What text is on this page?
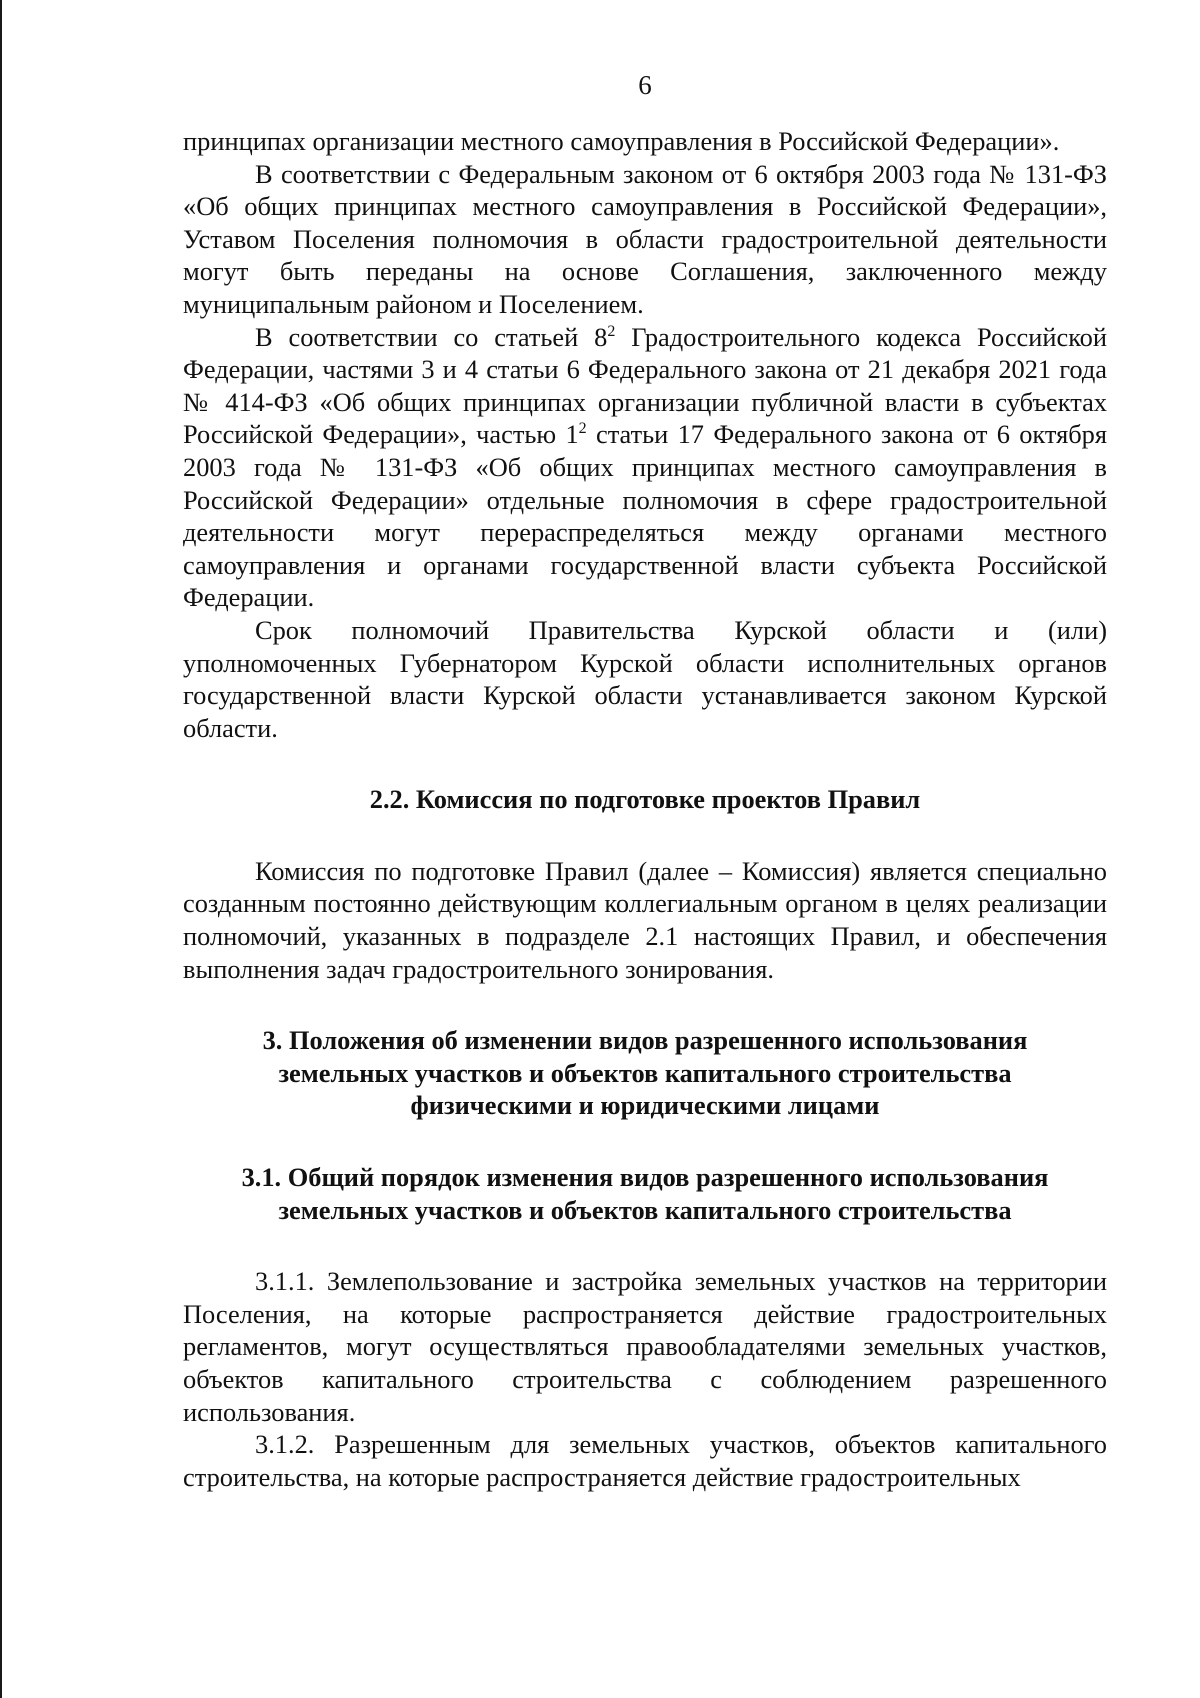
6

принципах организации местного самоуправления в Российской Федерации».

В соответствии с Федеральным законом от 6 октября 2003 года № 131-ФЗ «Об общих принципах местного самоуправления в Российской Федерации», Уставом Поселения полномочия в области градостроительной деятельности могут быть переданы на основе Соглашения, заключенного между муниципальным районом и Поселением.

В соответствии со статьей $8^2$ Градостроительного кодекса Российской Федерации, частями 3 и 4 статьи 6 Федерального закона от 21 декабря 2021 года № 414-ФЗ «Об общих принципах организации публичной власти в субъектах Российской Федерации», частью $1^2$ статьи 17 Федерального закона от 6 октября 2003 года № 131-ФЗ «Об общих принципах местного самоуправления в Российской Федерации» отдельные полномочия в сфере градостроительной деятельности могут перераспределяться между органами местного самоуправления и органами государственной власти субъекта Российской Федерации.

Срок полномочий Правительства Курской области и (или) уполномоченных Губернатором Курской области исполнительных органов государственной власти Курской области устанавливается законом Курской области.

2.2. Комиссия по подготовке проектов Правил

Комиссия по подготовке Правил (далее – Комиссия) является специально созданным постоянно действующим коллегиальным органом в целях реализации полномочий, указанных в подразделе 2.1 настоящих Правил, и обеспечения выполнения задач градостроительного зонирования.

3. Положения об изменении видов разрешенного использования
земельных участков и объектов капитального строительства
физическими и юридическими лицами
3.1. Общий порядок изменения видов разрешенного использования
земельных участков и объектов капитального строительства

3.1.1. Землепользование и застройка земельных участков на территории Поселения, на которые распространяется действие градостроительных регламентов, могут осуществляться правообладателями земельных участков, объектов капитального строительства с соблюдением разрешенного использования.

3.1.2. Разрешенным для земельных участков, объектов капитального строительства, на которые распространяется действие градостроительных
